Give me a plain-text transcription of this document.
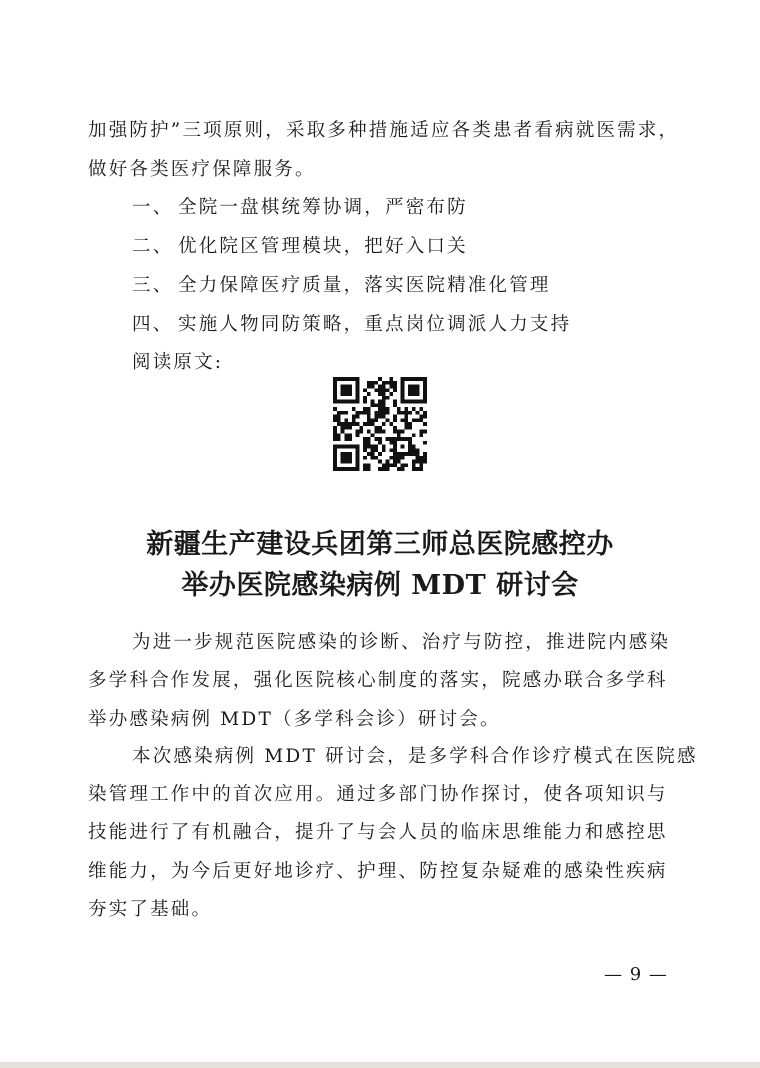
加强防护”三项原则，采取多种措施适应各类患者看病就医需求，
做好各类医疗保障服务。
一、 全院一盘棋统筹协调，严密布防
二、 优化院区管理模块，把好入口关
三、 全力保障医疗质量，落实医院精准化管理
四、 实施人物同防策略，重点岗位调派人力支持
阅读原文:
新疆生产建设兵团第三师总医院感控办
举办医院感染病例 MDT 研讨会
为进一步规范医院感染的诊断、治疗与防控，推进院内感染
多学科合作发展，强化医院核心制度的落实，院感办联合多学科
举办感染病例 MDT（多学科会诊）研讨会。
本次感染病例 MDT 研讨会，是多学科合作诊疗模式在医院感
染管理工作中的首次应用。通过多部门协作探讨，使各项知识与
技能进行了有机融合，提升了与会人员的临床思维能力和感控思
维能力，为今后更好地诊疗、护理、防控复杂疑难的感染性疾病
夯实了基础。
— 9 —
